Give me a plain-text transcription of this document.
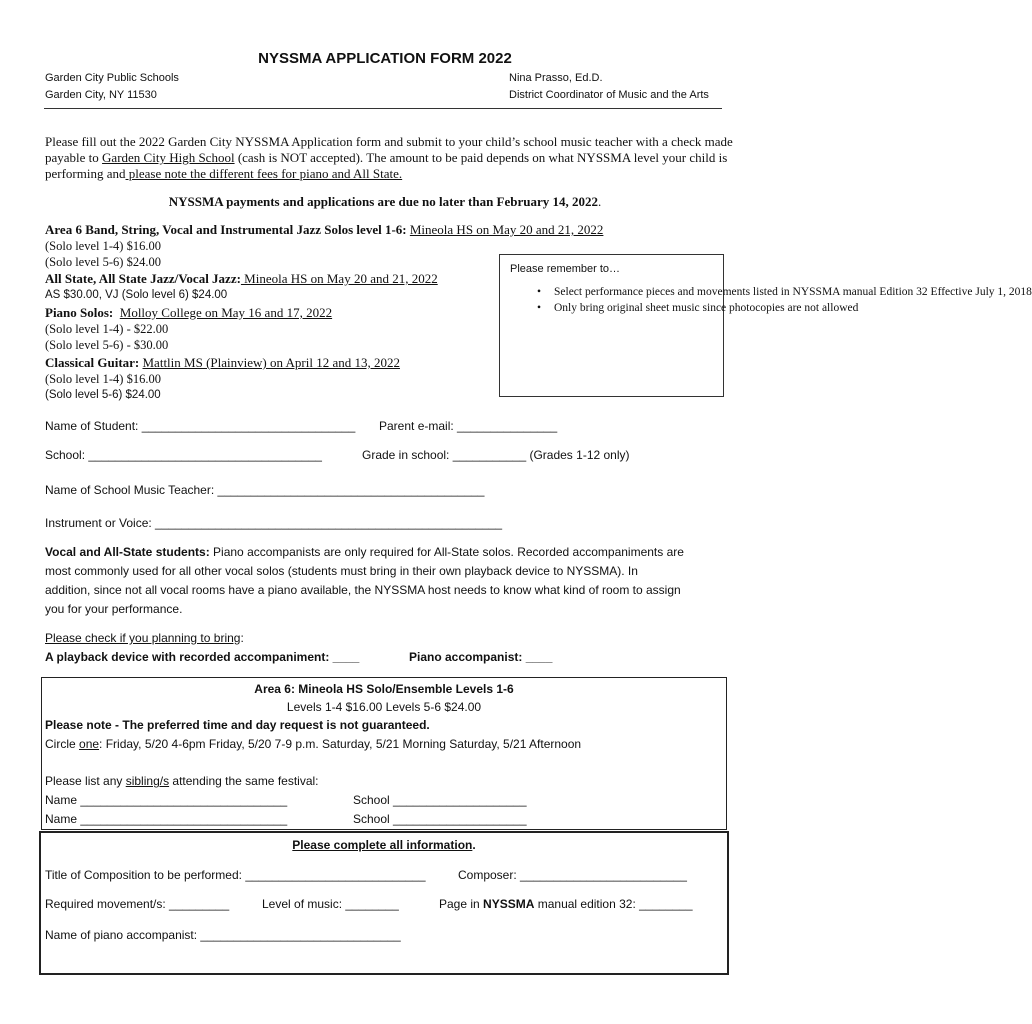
NYSSMA APPLICATION FORM 2022
Garden City Public Schools
Garden City, NY 11530
Nina Prasso, Ed.D.
District Coordinator of Music and the Arts
Please fill out the 2022 Garden City NYSSMA Application form and submit to your child’s school music teacher with a check made payable to Garden City High School (cash is NOT accepted). The amount to be paid depends on what NYSSMA level your child is performing and please note the different fees for piano and All State.
NYSSMA payments and applications are due no later than February 14, 2022.
Area 6 Band, String, Vocal and Instrumental Jazz Solos level 1-6: Mineola HS on May 20 and 21, 2022
(Solo level 1-4) $16.00
(Solo level 5-6) $24.00
All State, All State Jazz/Vocal Jazz: Mineola HS on May 20 and 21, 2022
AS $30.00, VJ (Solo level 6) $24.00
Piano Solos: Molloy College on May 16 and 17, 2022
(Solo level 1-4) - $22.00
(Solo level 5-6) - $30.00
Classical Guitar: Mattlin MS (Plainview) on April 12 and 13, 2022
(Solo level 1-4) $16.00
(Solo level 5-6) $24.00
Please remember to…
• Select performance pieces and movements listed in NYSSMA manual Edition 32 Effective July 1, 2018
• Only bring original sheet music since photocopies are not allowed
Name of Student: ________________________________ Parent e-mail: _______________
School: ___________________________________	Grade in school: ___________ (Grades 1-12 only)
Name of School Music Teacher: ________________________________________
Instrument or Voice: ____________________________________________________
Vocal and All-State students: Piano accompanists are only required for All-State solos. Recorded accompaniments are
most commonly used for all other vocal solos (students must bring in their own playback device to NYSSMA). In
addition, since not all vocal rooms have a piano available, the NYSSMA host needs to know what kind of room to assign
you for your performance.
Please check if you planning to bring:
A playback device with recorded accompaniment: ____	Piano accompanist: ____
Area 6: Mineola HS Solo/Ensemble Levels 1-6
Levels 1-4 $16.00 Levels 5-6 $24.00
Please note - The preferred time and day request is not guaranteed.
Circle one: Friday, 5/20 4-6pm Friday, 5/20 7-9 p.m. Saturday, 5/21 Morning Saturday, 5/21 Afternoon
Please list any sibling/s attending the same festival:
Name _______________________________	School ____________________
Name _______________________________	School ____________________
Please complete all information.
Title of Composition to be performed: ___________________________	Composer: _________________________
Required movement/s: _________	Level of music: ________	Page in NYSSMA manual edition 32: ________
Name of piano accompanist: ______________________________
